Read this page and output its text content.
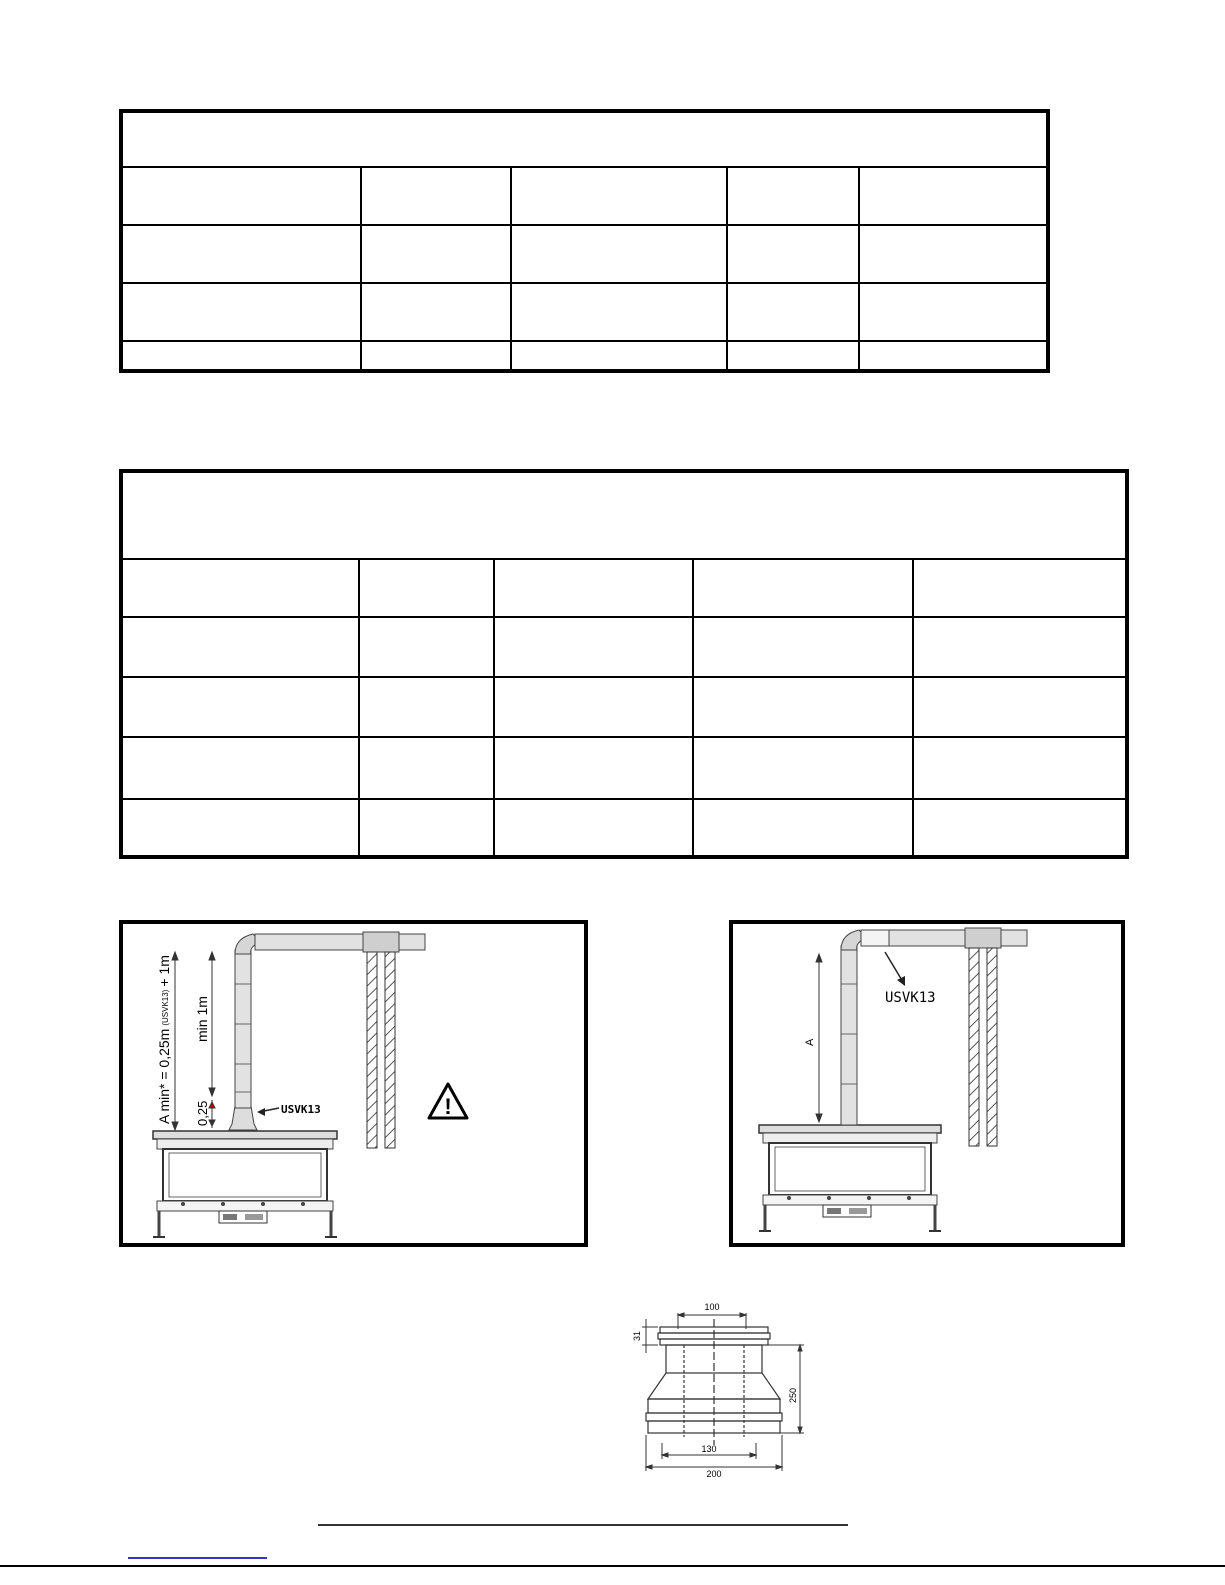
A min* = 0,25m(USVK13)+ 1m
min 1m
0,25	USVK13	!
A
USVK13
100
31
250
130
200
